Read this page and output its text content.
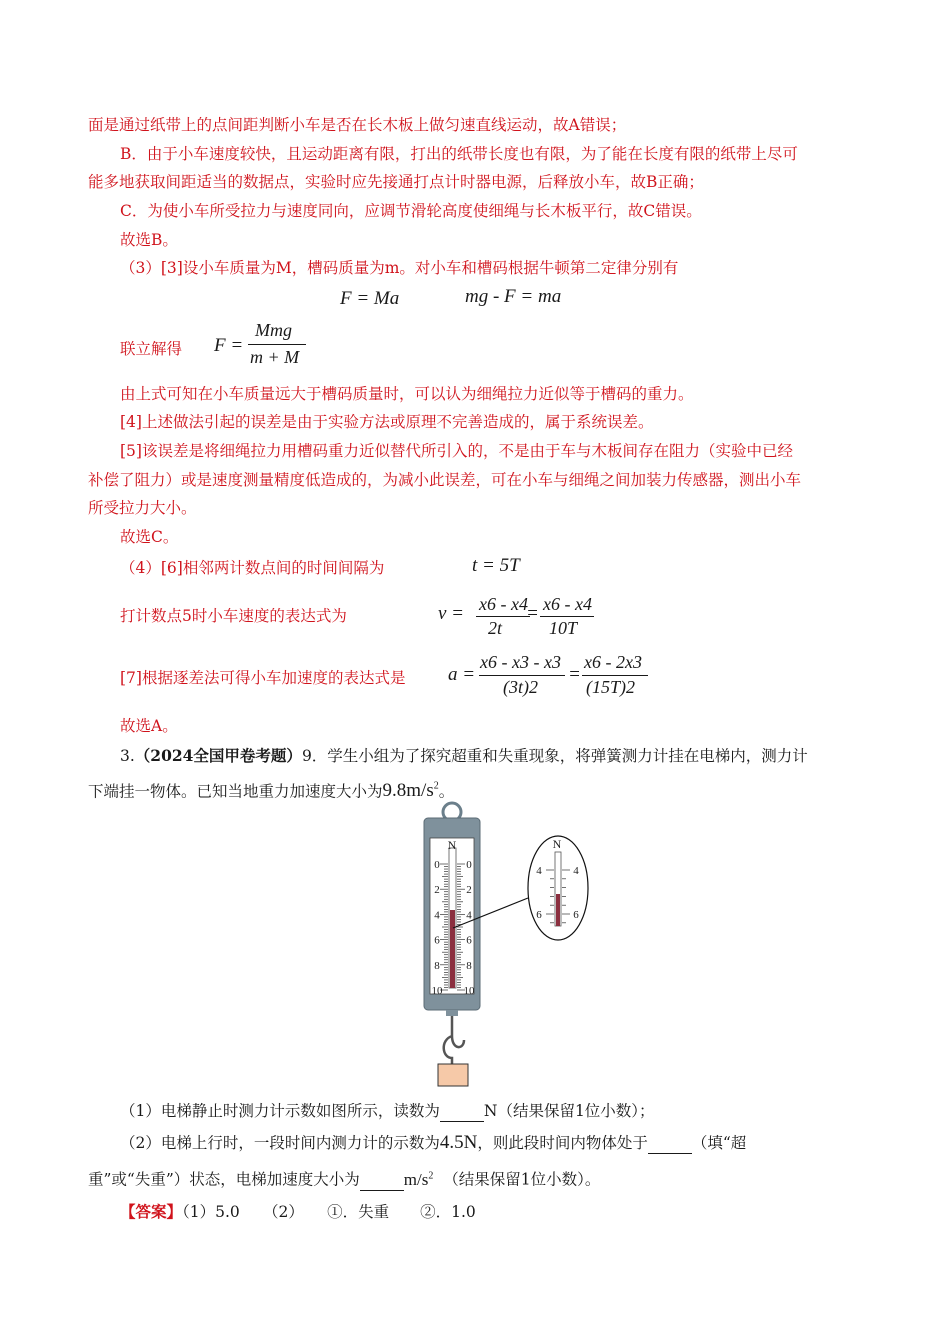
面是通过纸带上的点间距判断小车是否在长木板上做匀速直线运动，故A错误；
B．由于小车速度较快，且运动距离有限，打出的纸带长度也有限，为了能在长度有限的纸带上尽可
能多地获取间距适当的数据点，实验时应先接通打点计时器电源，后释放小车，故B正确；
C．为使小车所受拉力与速度同向，应调节滑轮高度使细绳与长木板平行，故C错误。
故选B。
（3）[3]设小车质量为M，槽码质量为m。对小车和槽码根据牛顿第二定律分别有
F = Ma	mg - F = ma
联立解得	F =
Mmg
m + M
由上式可知在小车质量远大于槽码质量时，可以认为细绳拉力近似等于槽码的重力。
[4]上述做法引起的误差是由于实验方法或原理不完善造成的，属于系统误差。
[5]该误差是将细绳拉力用槽码重力近似替代所引入的，不是由于车与木板间存在阻力（实验中已经
补偿了阻力）或是速度测量精度低造成的，为减小此误差，可在小车与细绳之间加装力传感器，测出小车
所受拉力大小。
故选C。
（4）[6]相邻两计数点间的时间间隔为	t = 5T
打计数点5时小车速度的表达式为	v = x6 - x4
2t
= x6 - x4
10T
[7]根据逐差法可得小车加速度的表达式是	a =
x6 - x3 - x3
(3t)2
=
x6 - 2x3
(15T)2
故选A。
3.（2024全国甲卷考题）9．学生小组为了探究超重和失重现象，将弹簧测力计挂在电梯内，测力计
下端挂一物体。已知当地重力加速度大小为$9.8m/s^2$。
N
0
2
4
6
8
10
0
2
4
6
8
10
N
4
6
4
6
（1）电梯静止时测力计示数如图所示，读数为	N（结果保留1位小数）；
（2）电梯上行时，一段时间内测力计的示数为4.5N，则此段时间内物体处于	（填“超
重”或“失重”）状态，电梯加速度大小为	$m/s^2$ （结果保留1位小数）。
【答案】（1）5.0　　（2）　　①．失重　　②．1.0
